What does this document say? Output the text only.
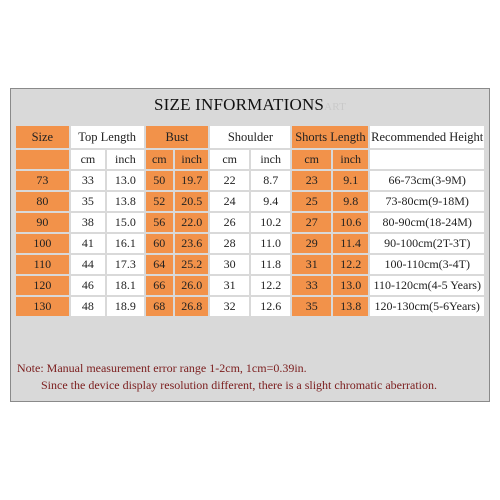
SIZE INFORMATIONSART
Size	Top Length		Bust		Shoulder		Shorts Length		Recommended Height
	cm	inch	cm	inch	cm	inch	cm	inch	
73	33	13.0	50	19.7	22	8.7	23	9.1	66-73cm(3-9M)
80	35	13.8	52	20.5	24	9.4	25	9.8	73-80cm(9-18M)
90	38	15.0	56	22.0	26	10.2	27	10.6	80-90cm(18-24M)
100	41	16.1	60	23.6	28	11.0	29	11.4	90-100cm(2T-3T)
110	44	17.3	64	25.2	30	11.8	31	12.2	100-110cm(3-4T)
120	46	18.1	66	26.0	31	12.2	33	13.0	110-120cm(4-5 Years)
130	48	18.9	68	26.8	32	12.6	35	13.8	120-130cm(5-6Years)
Note: Manual measurement error range 1-2cm, 1cm=0.39in.
Since the device display resolution different, there is a slight chromatic aberration.
